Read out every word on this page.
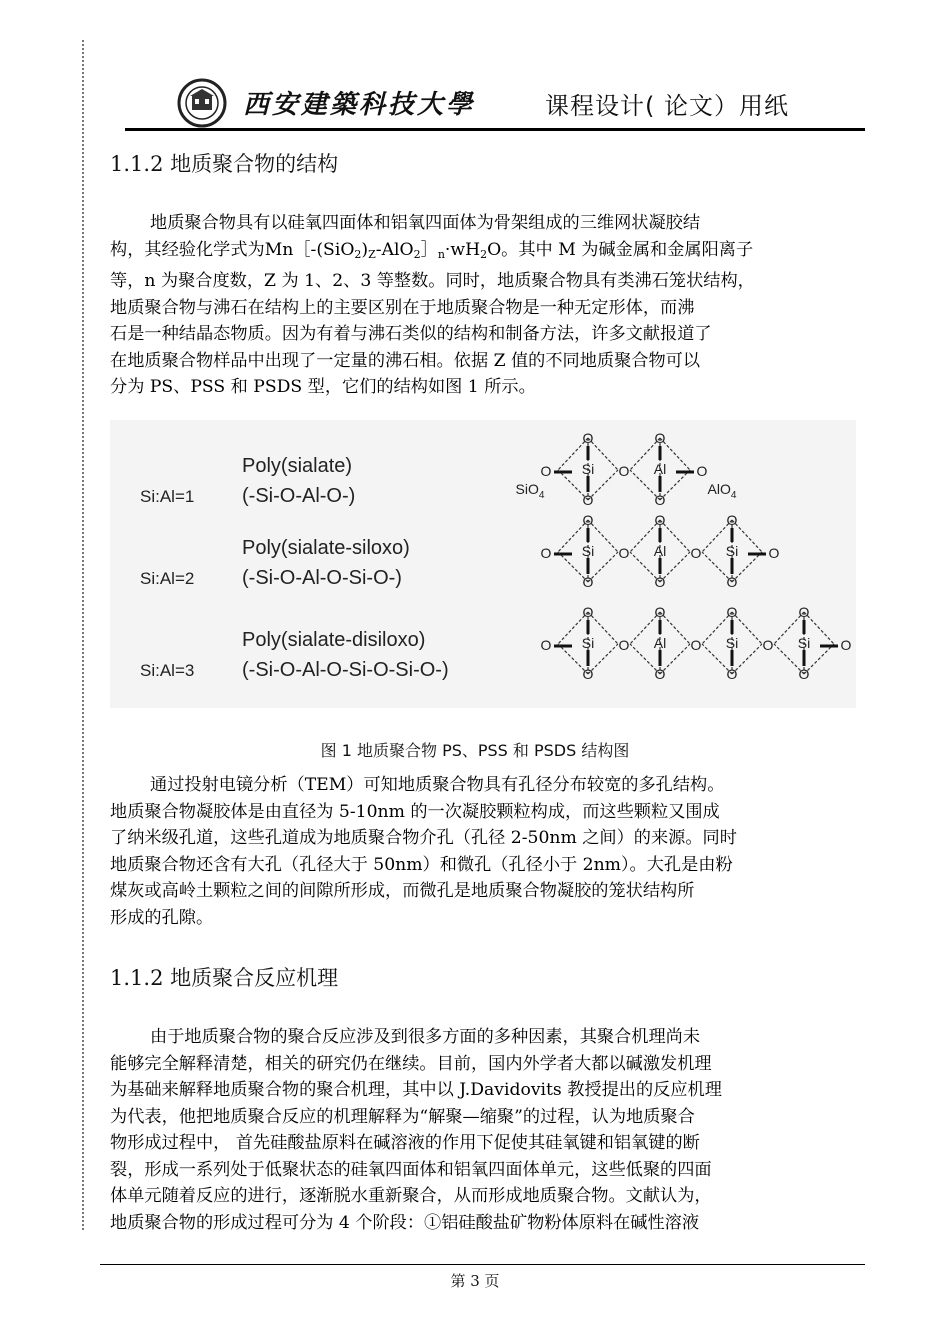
西安建築科技大學	课程设计( 论文）用纸
1.1.2 地质聚合物的结构
地质聚合物具有以硅氧四面体和铝氧四面体为骨架组成的三维网状凝胶结
构，其经验化学式为$Mn[-(SiO_2)_Z-AlO_2]_n\cdot wH_2O$。其中 M 为碱金属和金属阳离子
等，n 为聚合度数，Z 为 1、2、3 等整数。同时，地质聚合物具有类沸石笼状结构，
地质聚合物与沸石在结构上的主要区别在于地质聚合物是一种无定形体，而沸
石是一种结晶态物质。因为有着与沸石类似的结构和制备方法，许多文献报道了
在地质聚合物样品中出现了一定量的沸石相。依据 Z 值的不同地质聚合物可以
分为 PS、PSS 和 PSDS 型，它们的结构如图 1 所示。
Si:Al=1
Poly(sialate)
(-Si-O-Al-O-)
Si:Al=2
Poly(sialate-siloxo)
(-Si-O-Al-O-Si-O-)
Si:Al=3
Poly(sialate-disiloxo)
(-Si-O-Al-O-Si-O-Si-O-)
O
O
O
Si O
O
O
Al O
O
O
O
Si O
O
O
Al O
O
O
Si O
O
O
O
Si O
O
O
Al O
O
O
Si O
O
O
Si O
SiO$_4$	AlO$_4$
图 1 地质聚合物 PS、PSS 和 PSDS 结构图
通过投射电镜分析（TEM）可知地质聚合物具有孔径分布较宽的多孔结构。
地质聚合物凝胶体是由直径为 5-10nm 的一次凝胶颗粒构成，而这些颗粒又围成
了纳米级孔道，这些孔道成为地质聚合物介孔（孔径 2-50nm 之间）的来源。同时
地质聚合物还含有大孔（孔径大于 50nm）和微孔（孔径小于 2nm）。大孔是由粉
煤灰或高岭土颗粒之间的间隙所形成，而微孔是地质聚合物凝胶的笼状结构所
形成的孔隙。
1.1.2 地质聚合反应机理
由于地质聚合物的聚合反应涉及到很多方面的多种因素，其聚合机理尚未
能够完全解释清楚，相关的研究仍在继续。目前，国内外学者大都以碱激发机理
为基础来解释地质聚合物的聚合机理，其中以 J.Davidovits 教授提出的反应机理
为代表，他把地质聚合反应的机理解释为“解聚—缩聚”的过程，认为地质聚合
物形成过程中， 首先硅酸盐原料在碱溶液的作用下促使其硅氧键和铝氧键的断
裂，形成一系列处于低聚状态的硅氧四面体和铝氧四面体单元，这些低聚的四面
体单元随着反应的进行，逐渐脱水重新聚合，从而形成地质聚合物。文献认为，
地质聚合物的形成过程可分为 4 个阶段：①铝硅酸盐矿物粉体原料在碱性溶液
第 3 页
